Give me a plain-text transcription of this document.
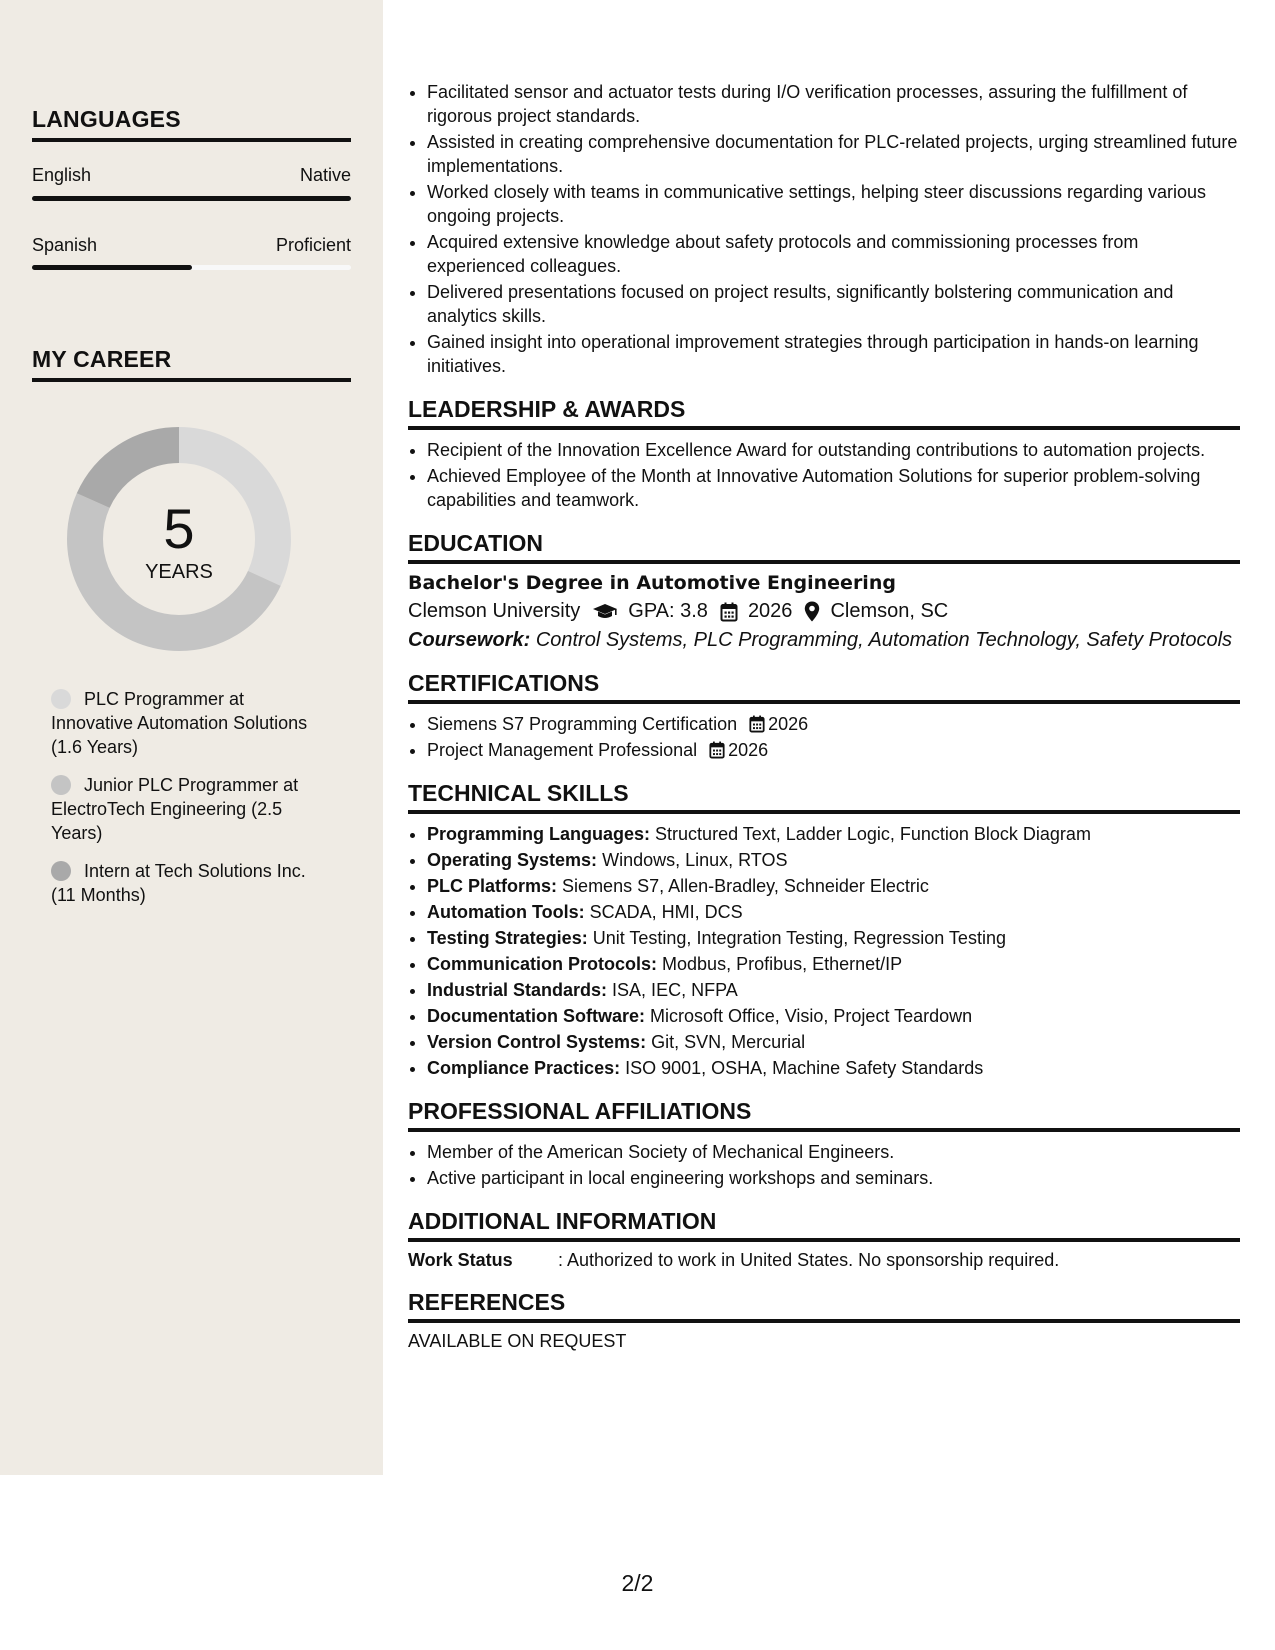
LANGUAGES
English	Native
Spanish	Proficient
MY CAREER
5
YEARS
PLC Programmer at Innovative Automation Solutions (1.6 Years)
Junior PLC Programmer at ElectroTech Engineering (2.5 Years)
Intern at Tech Solutions Inc. (11 Months)
• Facilitated sensor and actuator tests during I/O verification processes, assuring the fulfillment of rigorous project standards.
• Assisted in creating comprehensive documentation for PLC-related projects, urging streamlined future implementations.
• Worked closely with teams in communicative settings, helping steer discussions regarding various ongoing projects.
• Acquired extensive knowledge about safety protocols and commissioning processes from experienced colleagues.
• Delivered presentations focused on project results, significantly bolstering communication and analytics skills.
• Gained insight into operational improvement strategies through participation in hands-on learning initiatives.
LEADERSHIP & AWARDS
• Recipient of the Innovation Excellence Award for outstanding contributions to automation projects.
• Achieved Employee of the Month at Innovative Automation Solutions for superior problem-solving capabilities and teamwork.
EDUCATION
Bachelor's Degree in Automotive Engineering
Clemson University GPA: 3.8 2026 Clemson, SC
Coursework: Control Systems, PLC Programming, Automation Technology, Safety Protocols
CERTIFICATIONS
• Siemens S7 Programming Certification 2026
• Project Management Professional 2026
TECHNICAL SKILLS
• Programming Languages: Structured Text, Ladder Logic, Function Block Diagram
• Operating Systems: Windows, Linux, RTOS
• PLC Platforms: Siemens S7, Allen-Bradley, Schneider Electric
• Automation Tools: SCADA, HMI, DCS
• Testing Strategies: Unit Testing, Integration Testing, Regression Testing
• Communication Protocols: Modbus, Profibus, Ethernet/IP
• Industrial Standards: ISA, IEC, NFPA
• Documentation Software: Microsoft Office, Visio, Project Teardown
• Version Control Systems: Git, SVN, Mercurial
• Compliance Practices: ISO 9001, OSHA, Machine Safety Standards
PROFESSIONAL AFFILIATIONS
• Member of the American Society of Mechanical Engineers.
• Active participant in local engineering workshops and seminars.
ADDITIONAL INFORMATION
Work Status	: Authorized to work in United States. No sponsorship required.
REFERENCES
AVAILABLE ON REQUEST
2/2
